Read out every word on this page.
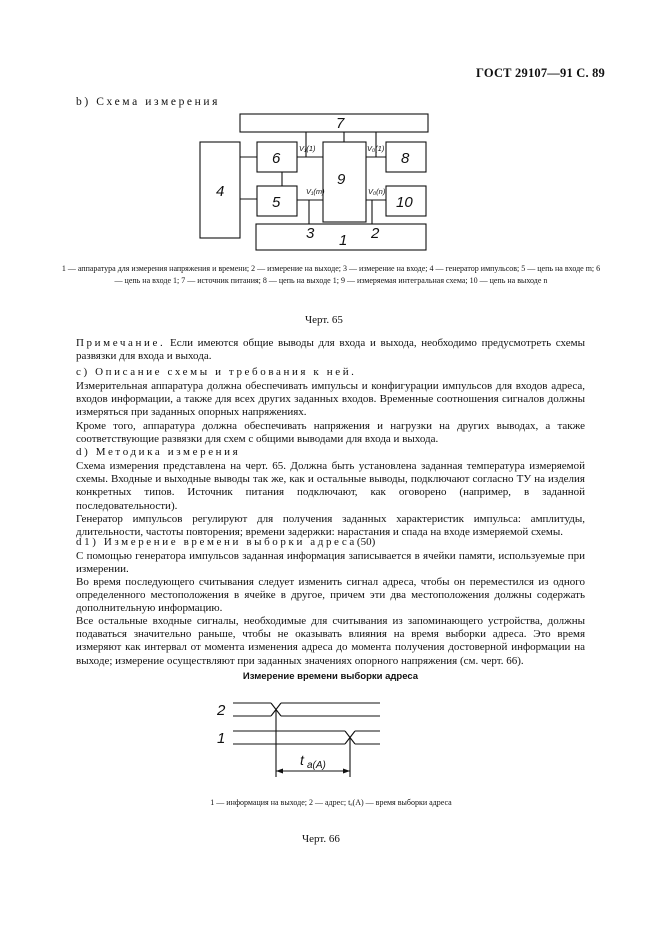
ГОСТ 29107—91 С. 89
b) Схема измерения
7
4
6
5
9
8
10
1
3	2
V₁(1)
V₁(m)
V₀(1)
V₀(n)
1 — аппаратура для измерения напряжения и времени; 2 — измерение на выходе; 3 — измерение на входе; 4 — генератор импульсов; 5 — цепь на входе m; 6 — цепь на входе 1; 7 — источник питания; 8 — цепь на выходе 1; 9 — измеряемая интегральная схема; 10 — цепь на выходе n
Черт. 65

Примечание. Если имеются общие выводы для входа и выхода, необходимо предусмотреть схемы развязки для входа и выхода.

c) Описание схемы и требования к ней.

Измерительная аппаратура должна обеспечивать импульсы и конфигурации импульсов для входов адреса, входов информации, а также для всех других заданных входов. Временные соотношения сигналов должны измеряться при заданных опорных напряжениях.

Кроме того, аппаратура должна обеспечивать напряжения и нагрузки на других выводах, а также соответствующие развязки для схем с общими выводами для входа и выхода.

d) Методика измерения

Схема измерения представлена на черт. 65. Должна быть установлена заданная температура измеряемой схемы. Входные и выходные выводы так же, как и остальные выводы, подключают согласно ТУ на изделия конкретных типов. Источник питания подключают, как оговорено (например, в заданной последовательности).

Генератор импульсов регулируют для получения заданных характеристик импульса: амплитуды, длительности, частоты повторения; времени задержки: нарастания и спада на входе измеряемой схемы.

d1) Измерение времени выборки адреса(50)

С помощью генератора импульсов заданная информация записывается в ячейки памяти, используемые при измерении.

Во время последующего считывания следует изменить сигнал адреса, чтобы он переместился из одного определенного местоположения в ячейке в другое, причем эти два местоположения должны содержать дополнительную информацию.

Все остальные входные сигналы, необходимые для считывания из запоминающего устройства, должны подаваться значительно раньше, чтобы не оказывать влияния на время выборки адреса. Это время измеряют как интервал от момента изменения адреса до момента получения достоверной информации на выходе; измерение осуществляют при заданных значениях опорного напряжения (см. черт. 66).

Измерение времени выборки адреса
2
1
t a(A)
1 — информация на выходе; 2 — адрес; tₐ(A) — время выборки адреса
Черт. 66
